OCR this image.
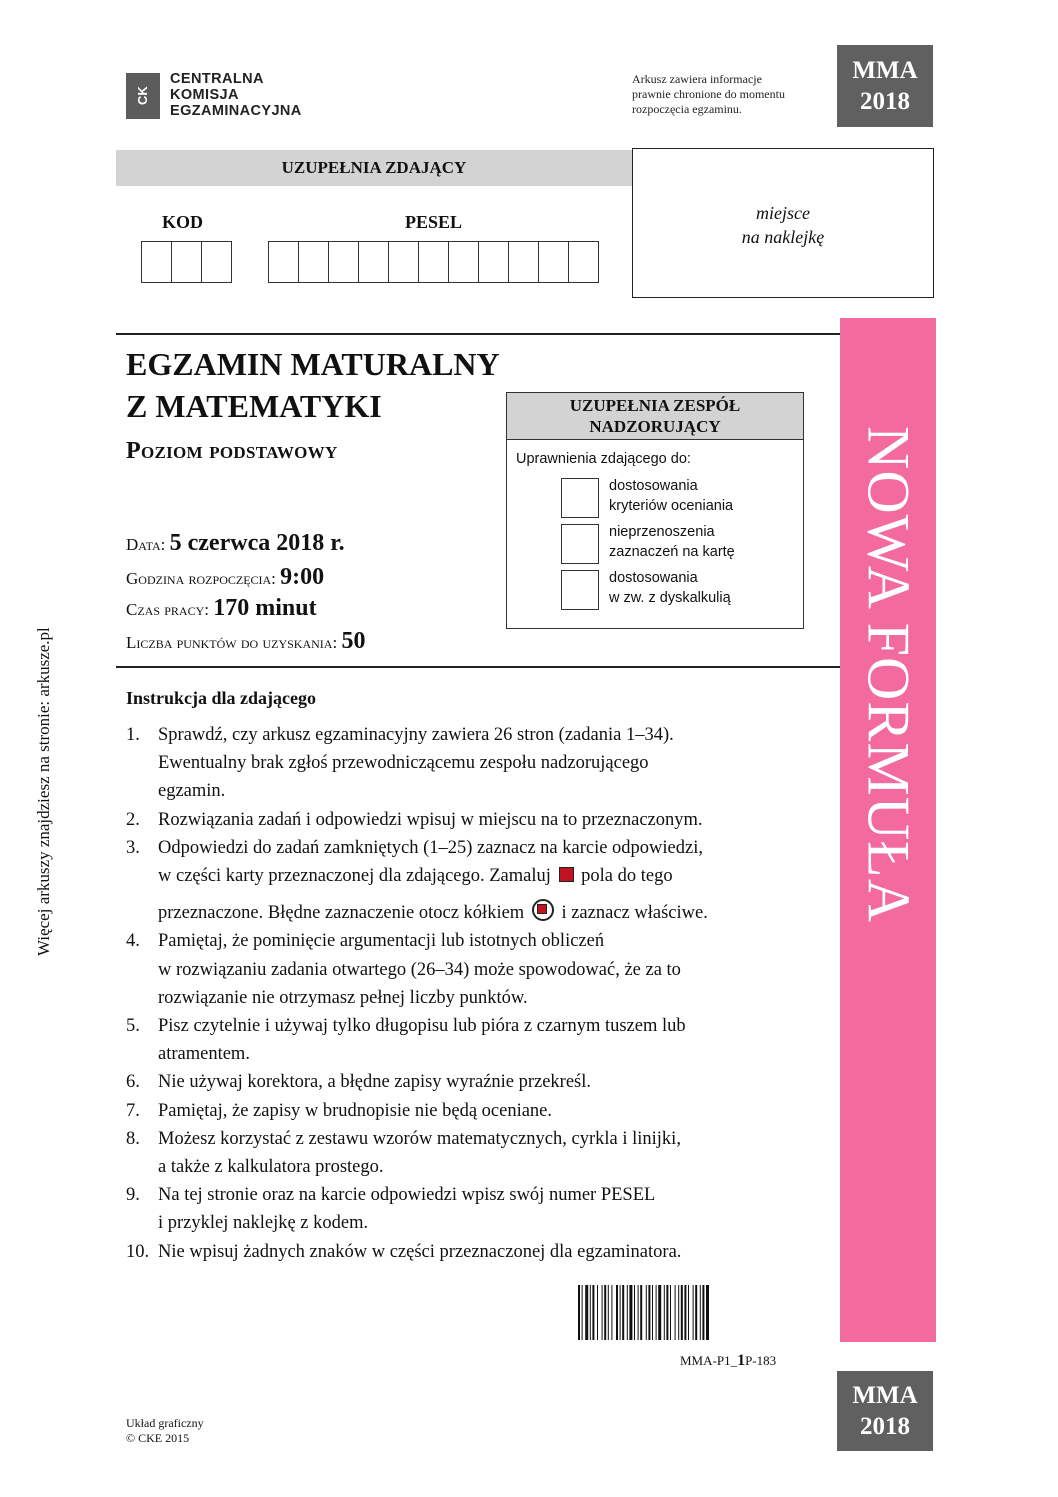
CK
CENTRALNA
KOMISJA
EGZAMINACYJNA
Arkusz zawiera informacje
prawnie chronione do momentu
rozpoczęcia egzaminu.
MMA
2018
MMA
2018
UZUPEŁNIA ZDAJĄCY
KOD	PESEL	miejsce
na naklejkę
NOWA FORMUŁA
EGZAMIN MATURALNY
Z MATEMATYKI
Poziom podstawowy
UZUPEŁNIA ZESPÓŁ
NADZORUJĄCY
Uprawnienia zdającego do:
dostosowania
kryteriów oceniania
nieprzenoszenia
zaznaczeń na kartę
dostosowania
w zw. z dyskalkulią
Data: 5 czerwca 2018 r.
Godzina rozpoczęcia: 9:00
Czas pracy: 170 minut
Liczba punktów do uzyskania: 50
Instrukcja dla zdającego
1. Sprawdź, czy arkusz egzaminacyjny zawiera 26 stron (zadania 1–34).
Ewentualny brak zgłoś przewodniczącemu zespołu nadzorującego
egzamin.
2. Rozwiązania zadań i odpowiedzi wpisuj w miejscu na to przeznaczonym.
3. Odpowiedzi do zadań zamkniętych (1–25) zaznacz na karcie odpowiedzi,
w części karty przeznaczonej dla zdającego. Zamaluj pola do tego
przeznaczone. Błędne zaznaczenie otocz kółkiem i zaznacz właściwe.
4. Pamiętaj, że pominięcie argumentacji lub istotnych obliczeń
w rozwiązaniu zadania otwartego (26–34) może spowodować, że za to
rozwiązanie nie otrzymasz pełnej liczby punktów.
5. Pisz czytelnie i używaj tylko długopisu lub pióra z czarnym tuszem lub
atramentem.
6. Nie używaj korektora, a błędne zapisy wyraźnie przekreśl.
7. Pamiętaj, że zapisy w brudnopisie nie będą oceniane.
8. Możesz korzystać z zestawu wzorów matematycznych, cyrkla i linijki,
a także z kalkulatora prostego.
9. Na tej stronie oraz na karcie odpowiedzi wpisz swój numer PESEL
i przyklej naklejkę z kodem.
10. Nie wpisuj żadnych znaków w części przeznaczonej dla egzaminatora.
Więcej arkuszy znajdziesz na stronie: arkusze.pl
MMA-P1_1P-183
Układ graficzny
© CKE 2015
